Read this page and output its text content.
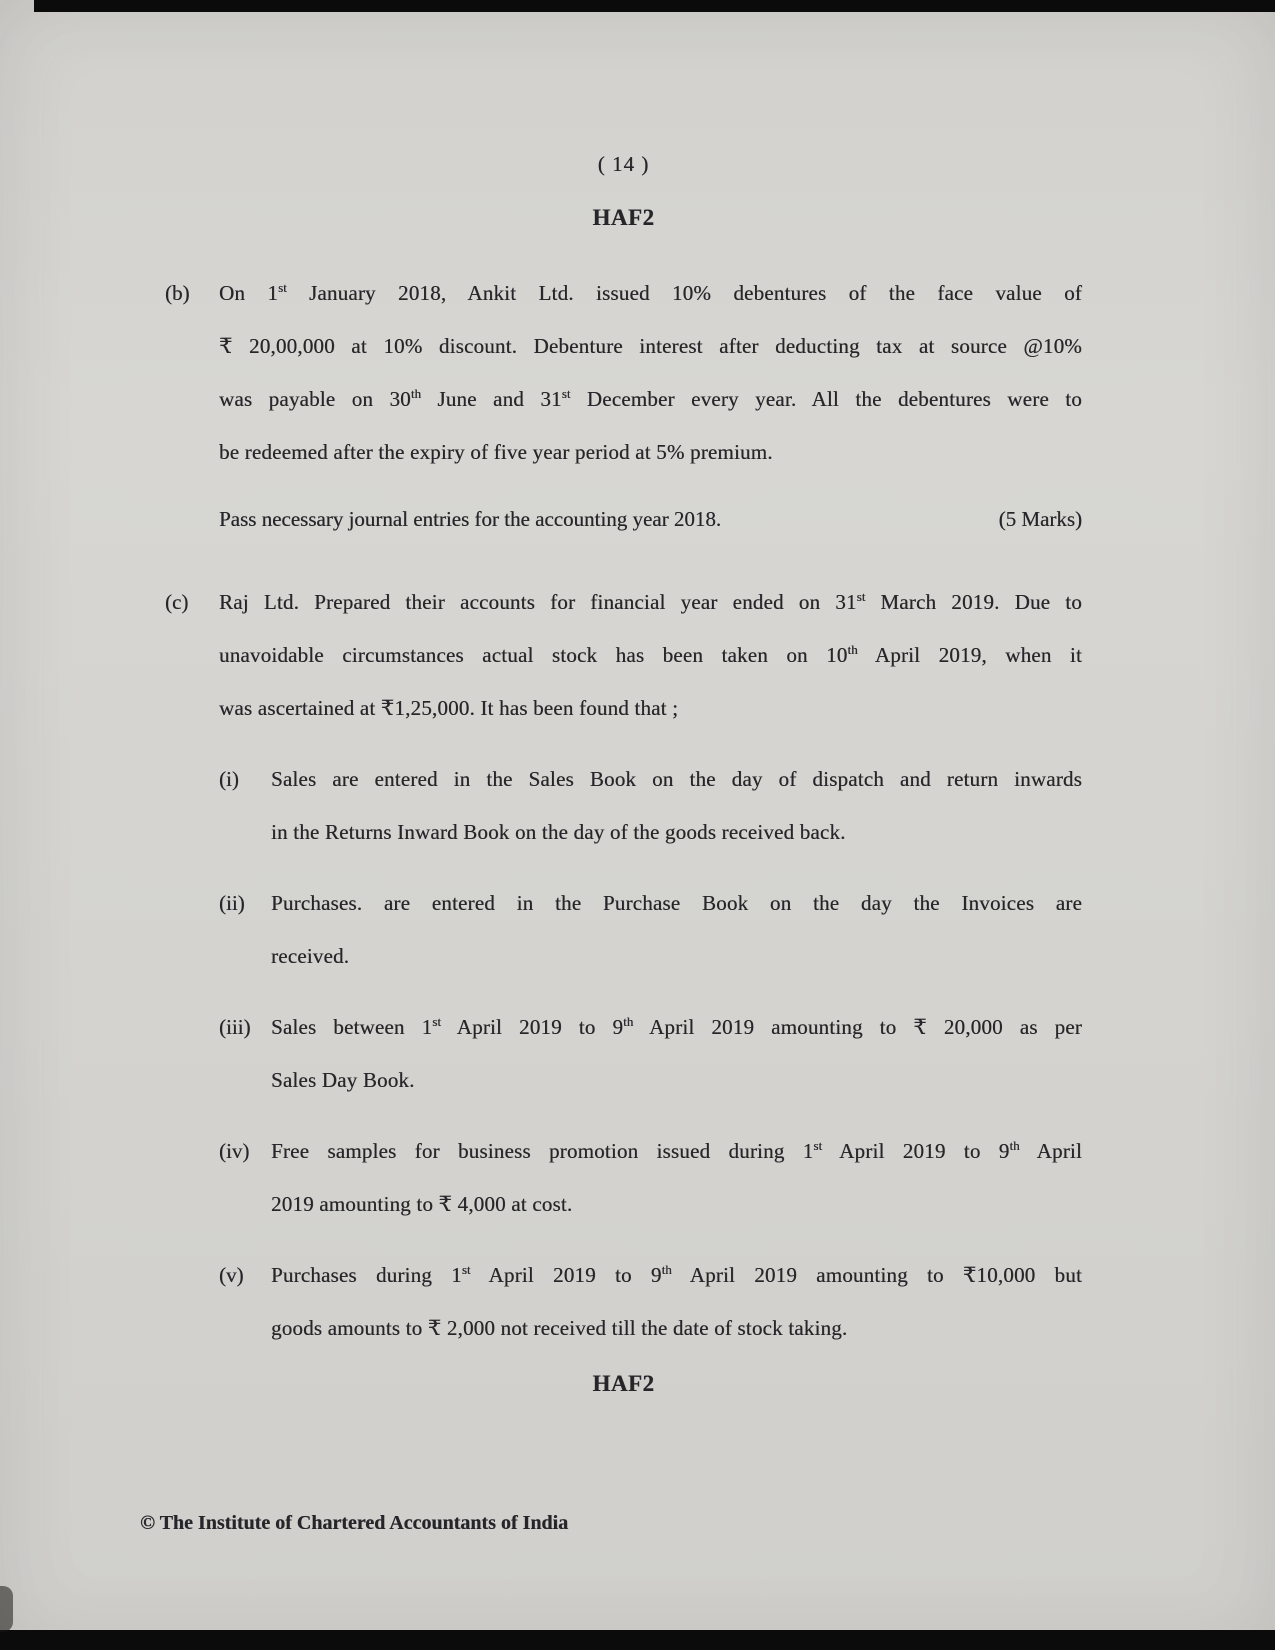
( 14 )
HAF2
(b)	On 1st January 2018, Ankit Ltd. issued 10% debentures of the face value of
₹ 20,00,000 at 10% discount. Debenture interest after deducting tax at source @10%
was payable on 30th June and 31st December every year. All the debentures were to
be redeemed after the expiry of five year period at 5% premium.
Pass necessary journal entries for the accounting year 2018.	(5 Marks)
(c)	Raj Ltd. Prepared their accounts for financial year ended on 31st March 2019. Due to
unavoidable circumstances actual stock has been taken on 10th April 2019, when it
was ascertained at ₹1,25,000. It has been found that ;
(i)	Sales are entered in the Sales Book on the day of dispatch and return inwards
in the Returns Inward Book on the day of the goods received back.
(ii)	Purchases. are entered in the Purchase Book on the day the Invoices are
received.
(iii) Sales between 1st April 2019 to 9th April 2019 amounting to ₹ 20,000 as per
Sales Day Book.
(iv)	Free samples for business promotion issued during 1st April 2019 to 9th April
2019 amounting to ₹ 4,000 at cost.
(v)	Purchases during 1st April 2019 to 9th April 2019 amounting to ₹10,000 but
goods amounts to ₹ 2,000 not received till the date of stock taking.
HAF2
© The Institute of Chartered Accountants of India
